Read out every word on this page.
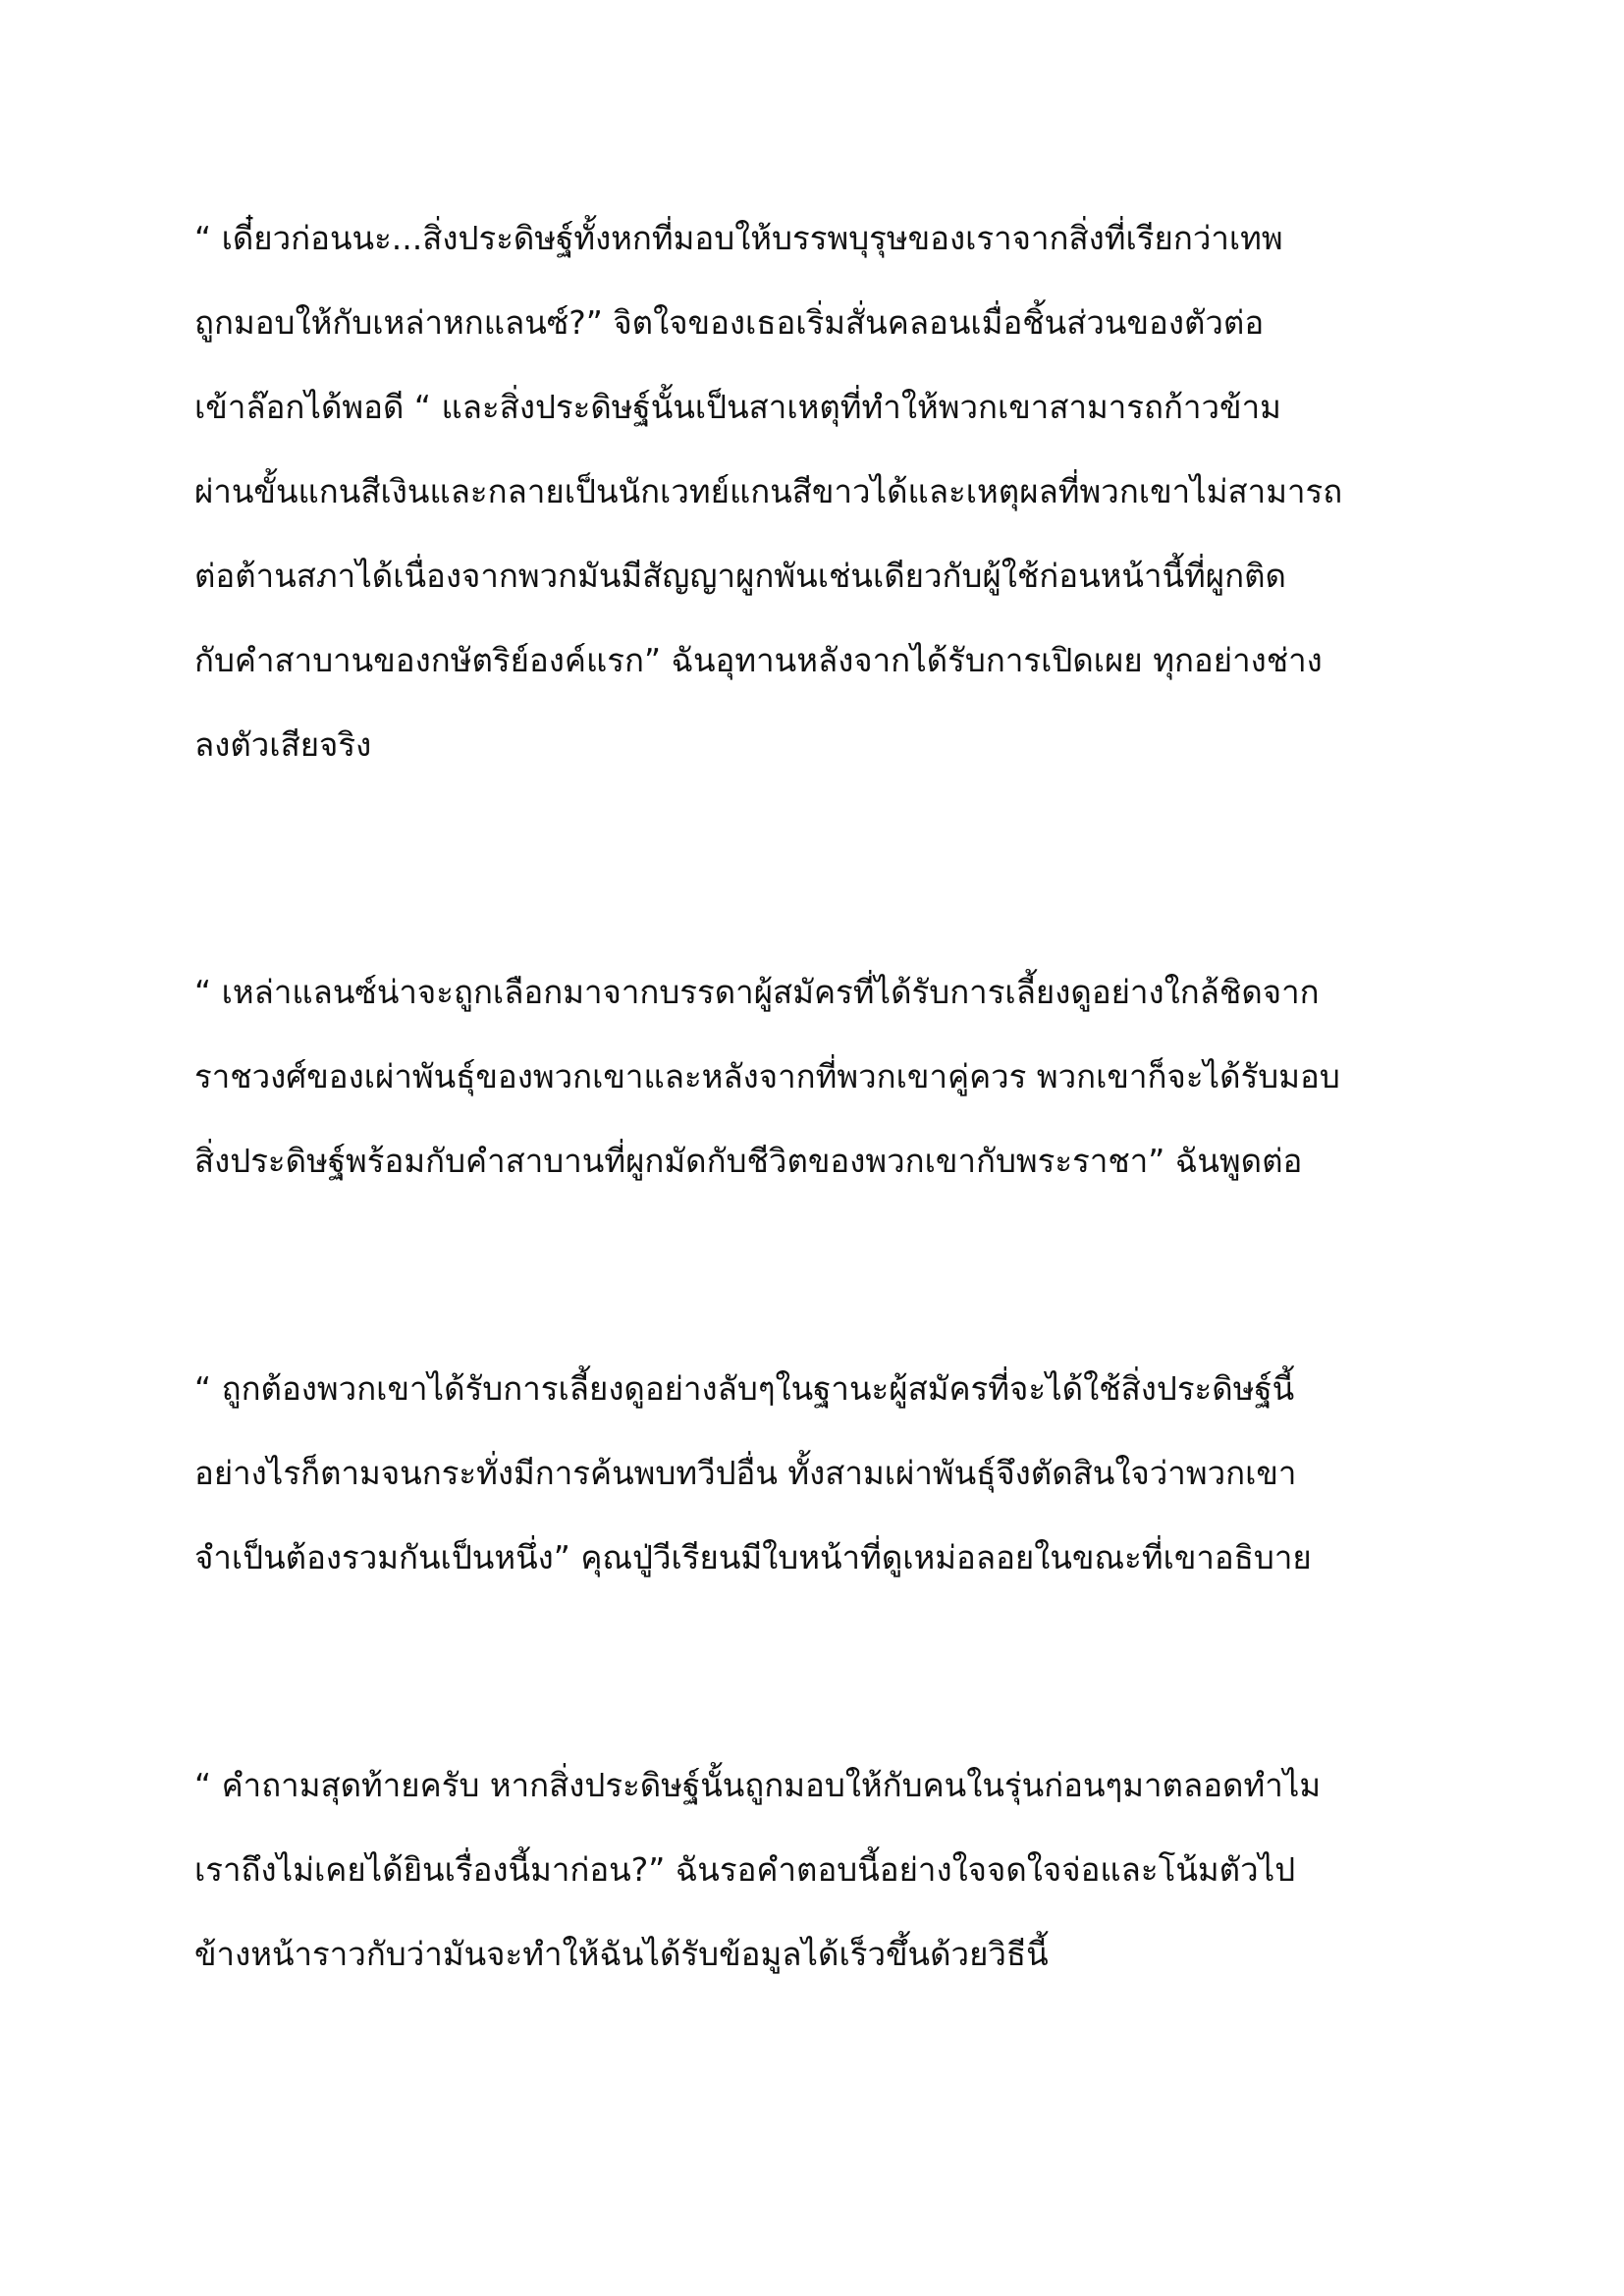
“ เดี๋ยวก่อนนะ...สิ่งประดิษฐ์ทั้งหกที่มอบให้บรรพบุรุษของเราจากสิ่งที่เรียกว่าเทพ
ถูกมอบให้กับเหล่าหกแลนซ์?” จิตใจของเธอเริ่มสั่นคลอนเมื่อชิ้นส่วนของตัวต่อ
เข้าล๊อกได้พอดี “ และสิ่งประดิษฐ์นั้นเป็นสาเหตุที่ทำให้พวกเขาสามารถก้าวข้าม
ผ่านขั้นแกนสีเงินและกลายเป็นนักเวทย์แกนสีขาวได้และเหตุผลที่พวกเขาไม่สามารถ
ต่อต้านสภาได้เนื่องจากพวกมันมีสัญญาผูกพันเช่นเดียวกับผู้ใช้ก่อนหน้านี้ที่ผูกติด
กับคำสาบานของกษัตริย์องค์แรก” ฉันอุทานหลังจากได้รับการเปิดเผย ทุกอย่างช่าง
ลงตัวเสียจริง

“ เหล่าแลนซ์น่าจะถูกเลือกมาจากบรรดาผู้สมัครที่ได้รับการเลี้ยงดูอย่างใกล้ชิดจาก
ราชวงศ์ของเผ่าพันธุ์ของพวกเขาและหลังจากที่พวกเขาคู่ควร พวกเขาก็จะได้รับมอบ
สิ่งประดิษฐ์พร้อมกับคำสาบานที่ผูกมัดกับชีวิตของพวกเขากับพระราชา” ฉันพูดต่อ

“ ถูกต้องพวกเขาได้รับการเลี้ยงดูอย่างลับๆในฐานะผู้สมัครที่จะได้ใช้สิ่งประดิษฐ์นี้
อย่างไรก็ตามจนกระทั่งมีการค้นพบทวีปอื่น ทั้งสามเผ่าพันธุ์จึงตัดสินใจว่าพวกเขา
จำเป็นต้องรวมกันเป็นหนึ่ง” คุณปู่วีเรียนมีใบหน้าที่ดูเหม่อลอยในขณะที่เขาอธิบาย

“ คำถามสุดท้ายครับ หากสิ่งประดิษฐ์นั้นถูกมอบให้กับคนในรุ่นก่อนๆมาตลอดทำไม
เราถึงไม่เคยได้ยินเรื่องนี้มาก่อน?” ฉันรอคำตอบนี้อย่างใจจดใจจ่อและโน้มตัวไป
ข้างหน้าราวกับว่ามันจะทำให้ฉันได้รับข้อมูลได้เร็วขึ้นด้วยวิธีนี้
